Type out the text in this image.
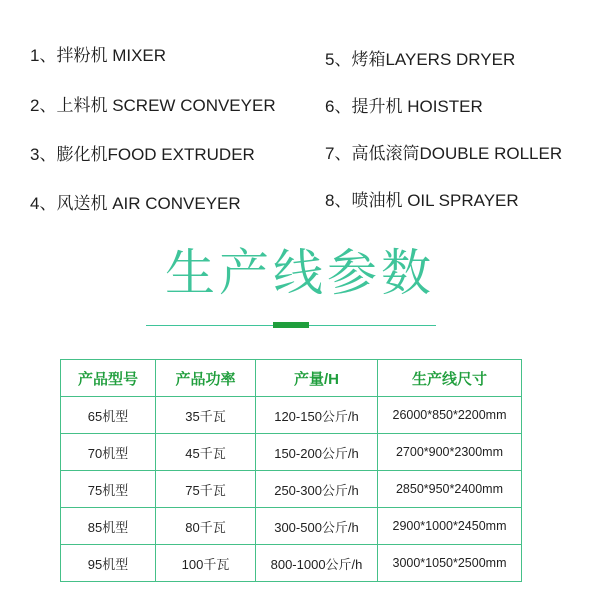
1、拌粉机 MIXER
2、上料机 SCREW CONVEYER
3、膨化机FOOD EXTRUDER
4、风送机 AIR CONVEYER
5、烤箱LAYERS DRYER
6、提升机 HOISTER
7、高低滚筒DOUBLE ROLLER
8、喷油机 OIL SPRAYER
生产线参数
产品型号	产品功率	产量/H	生产线尺寸
65机型	35千瓦	120-150公斤/h	26000*850*2200mm
70机型	45千瓦	150-200公斤/h	2700*900*2300mm
75机型	75千瓦	250-300公斤/h	2850*950*2400mm
85机型	80千瓦	300-500公斤/h	2900*1000*2450mm
95机型	100千瓦	800-1000公斤/h	3000*1050*2500mm
